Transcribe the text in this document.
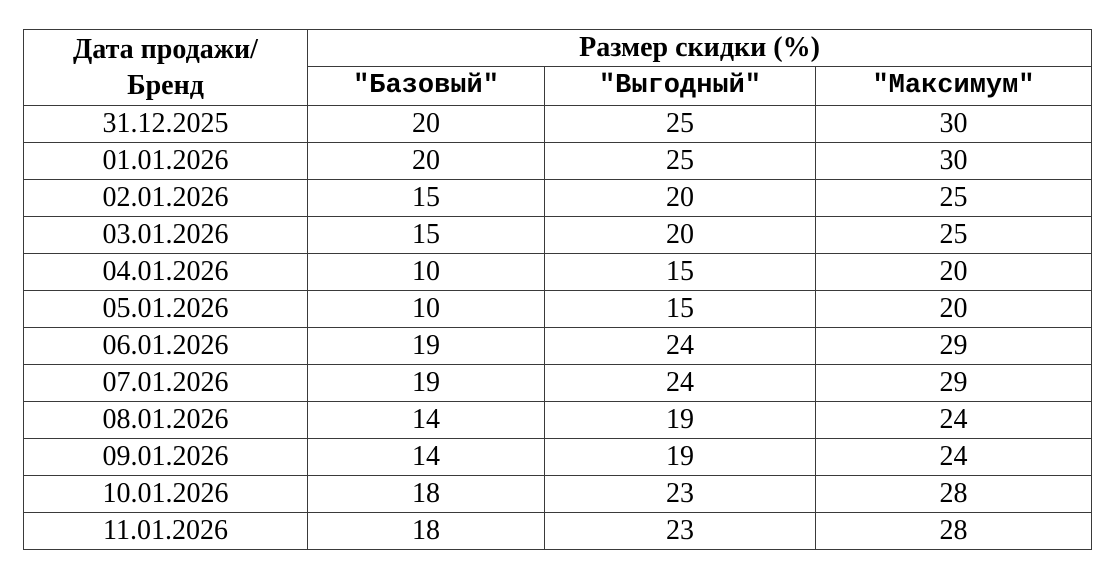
Дата продажи/
Бренд	Размер скидки (%)		
	"Базовый"	"Выгодный"	"Максимум"
31.12.2025	20	25	30
01.01.2026	20	25	30
02.01.2026	15	20	25
03.01.2026	15	20	25
04.01.2026	10	15	20
05.01.2026	10	15	20
06.01.2026	19	24	29
07.01.2026	19	24	29
08.01.2026	14	19	24
09.01.2026	14	19	24
10.01.2026	18	23	28
11.01.2026	18	23	28
